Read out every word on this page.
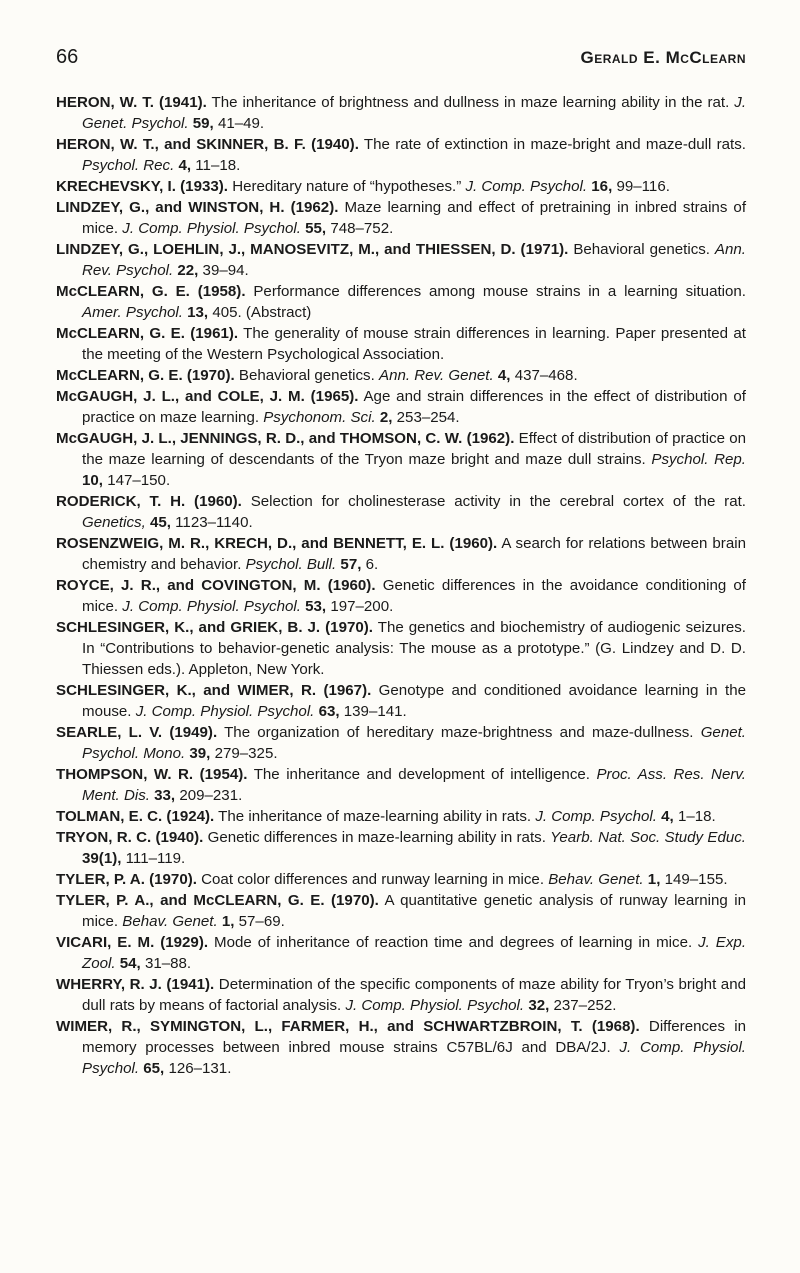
66	Gerald E. McClearn

HERON, W. T. (1941). The inheritance of brightness and dullness in maze learning ability in the rat. J. Genet. Psychol. 59, 41–49.

HERON, W. T., and SKINNER, B. F. (1940). The rate of extinction in maze-bright and maze-dull rats. Psychol. Rec. 4, 11–18.

KRECHEVSKY, I. (1933). Hereditary nature of “hypotheses.” J. Comp. Psychol. 16, 99–116.

LINDZEY, G., and WINSTON, H. (1962). Maze learning and effect of pretraining in inbred strains of mice. J. Comp. Physiol. Psychol. 55, 748–752.

LINDZEY, G., LOEHLIN, J., MANOSEVITZ, M., and THIESSEN, D. (1971). Behavioral genetics. Ann. Rev. Psychol. 22, 39–94.

McCLEARN, G. E. (1958). Performance differences among mouse strains in a learning situation. Amer. Psychol. 13, 405. (Abstract)

McCLEARN, G. E. (1961). The generality of mouse strain differences in learning. Paper presented at the meeting of the Western Psychological Association.

McCLEARN, G. E. (1970). Behavioral genetics. Ann. Rev. Genet. 4, 437–468.

McGAUGH, J. L., and COLE, J. M. (1965). Age and strain differences in the effect of distribution of practice on maze learning. Psychonom. Sci. 2, 253–254.

McGAUGH, J. L., JENNINGS, R. D., and THOMSON, C. W. (1962). Effect of distribution of practice on the maze learning of descendants of the Tryon maze bright and maze dull strains. Psychol. Rep. 10, 147–150.

RODERICK, T. H. (1960). Selection for cholinesterase activity in the cerebral cortex of the rat. Genetics, 45, 1123–1140.

ROSENZWEIG, M. R., KRECH, D., and BENNETT, E. L. (1960). A search for relations between brain chemistry and behavior. Psychol. Bull. 57, 6.

ROYCE, J. R., and COVINGTON, M. (1960). Genetic differences in the avoidance conditioning of mice. J. Comp. Physiol. Psychol. 53, 197–200.

SCHLESINGER, K., and GRIEK, B. J. (1970). The genetics and biochemistry of audiogenic seizures. In “Contributions to behavior-genetic analysis: The mouse as a prototype.” (G. Lindzey and D. D. Thiessen eds.). Appleton, New York.

SCHLESINGER, K., and WIMER, R. (1967). Genotype and conditioned avoidance learning in the mouse. J. Comp. Physiol. Psychol. 63, 139–141.

SEARLE, L. V. (1949). The organization of hereditary maze-brightness and maze-dullness. Genet. Psychol. Mono. 39, 279–325.

THOMPSON, W. R. (1954). The inheritance and development of intelligence. Proc. Ass. Res. Nerv. Ment. Dis. 33, 209–231.

TOLMAN, E. C. (1924). The inheritance of maze-learning ability in rats. J. Comp. Psychol. 4, 1–18.

TRYON, R. C. (1940). Genetic differences in maze-learning ability in rats. Yearb. Nat. Soc. Study Educ. 39(1), 111–119.

TYLER, P. A. (1970). Coat color differences and runway learning in mice. Behav. Genet. 1, 149–155.

TYLER, P. A., and McCLEARN, G. E. (1970). A quantitative genetic analysis of runway learning in mice. Behav. Genet. 1, 57–69.

VICARI, E. M. (1929). Mode of inheritance of reaction time and degrees of learning in mice. J. Exp. Zool. 54, 31–88.

WHERRY, R. J. (1941). Determination of the specific components of maze ability for Tryon’s bright and dull rats by means of factorial analysis. J. Comp. Physiol. Psychol. 32, 237–252.

WIMER, R., SYMINGTON, L., FARMER, H., and SCHWARTZBROIN, T. (1968). Differences in memory processes between inbred mouse strains C57BL/6J and DBA/2J. J. Comp. Physiol. Psychol. 65, 126–131.
